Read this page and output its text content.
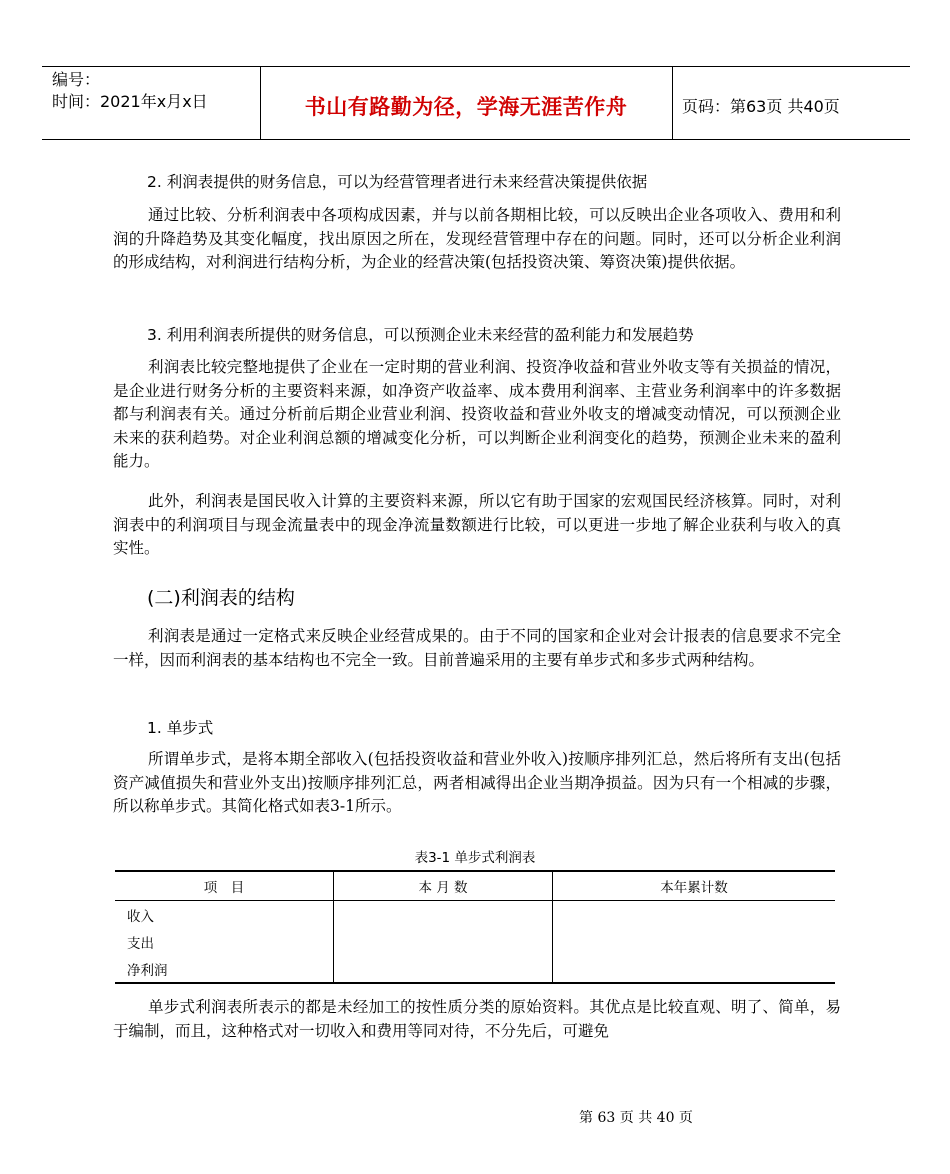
编号：
时间：2021年x月x日	书山有路勤为径，学海无涯苦作舟	页码：第63页 共40页
2. 利润表提供的财务信息，可以为经营管理者进行未来经营决策提供依据
通过比较、分析利润表中各项构成因素，并与以前各期相比较，可以反映出企业各项收入、费用和利润的升降趋势及其变化幅度，找出原因之所在，发现经营管理中存在的问题。同时，还可以分析企业利润的形成结构，对利润进行结构分析，为企业的经营决策(包括投资决策、筹资决策)提供依据。
3. 利用利润表所提供的财务信息，可以预测企业未来经营的盈利能力和发展趋势
利润表比较完整地提供了企业在一定时期的营业利润、投资净收益和营业外收支等有关损益的情况，是企业进行财务分析的主要资料来源，如净资产收益率、成本费用利润率、主营业务利润率中的许多数据都与利润表有关。通过分析前后期企业营业利润、投资收益和营业外收支的增减变动情况，可以预测企业未来的获利趋势。对企业利润总额的增减变化分析，可以判断企业利润变化的趋势，预测企业未来的盈利能力。
此外，利润表是国民收入计算的主要资料来源，所以它有助于国家的宏观国民经济核算。同时，对利润表中的利润项目与现金流量表中的现金净流量数额进行比较，可以更进一步地了解企业获利与收入的真实性。
(二)利润表的结构
利润表是通过一定格式来反映企业经营成果的。由于不同的国家和企业对会计报表的信息要求不完全一样，因而利润表的基本结构也不完全一致。目前普遍采用的主要有单步式和多步式两种结构。
1. 单步式
所谓单步式，是将本期全部收入(包括投资收益和营业外收入)按顺序排列汇总，然后将所有支出(包括资产减值损失和营业外支出)按顺序排列汇总，两者相减得出企业当期净损益。因为只有一个相减的步骤，所以称单步式。其简化格式如表3-1所示。
表3-1 单步式利润表
项　目	本 月 数	本年累计数
收入		
支出		
净利润		
单步式利润表所表示的都是未经加工的按性质分类的原始资料。其优点是比较直观、明了、简单，易于编制，而且，这种格式对一切收入和费用等同对待，不分先后，可避免
第 63 页 共 40 页
